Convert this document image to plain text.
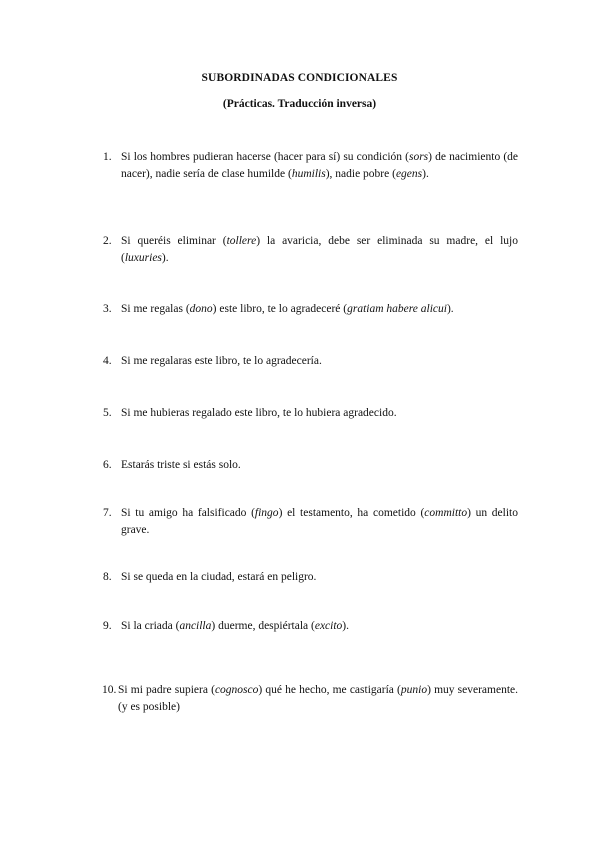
SUBORDINADAS CONDICIONALES
(Prácticas. Traducción inversa)
1. Si los hombres pudieran hacerse (hacer para sí) su condición (sors) de nacimiento (de nacer), nadie sería de clase humilde (humilis), nadie pobre (egens).
2. Si queréis eliminar (tollere) la avaricia, debe ser eliminada su madre, el lujo (luxuries).
3. Si me regalas (dono) este libro, te lo agradeceré (gratiam habere alicui).
4. Si me regalaras este libro, te lo agradecería.
5. Si me hubieras regalado este libro, te lo hubiera agradecido.
6. Estarás triste si estás solo.
7. Si tu amigo ha falsificado (fingo) el testamento, ha cometido (committo) un delito grave.
8. Si se queda en la ciudad, estará en peligro.
9. Si la criada (ancilla) duerme, despiértala (excito).
10. Si mi padre supiera (cognosco) qué he hecho, me castigaría (punio) muy severamente. (y es posible)
